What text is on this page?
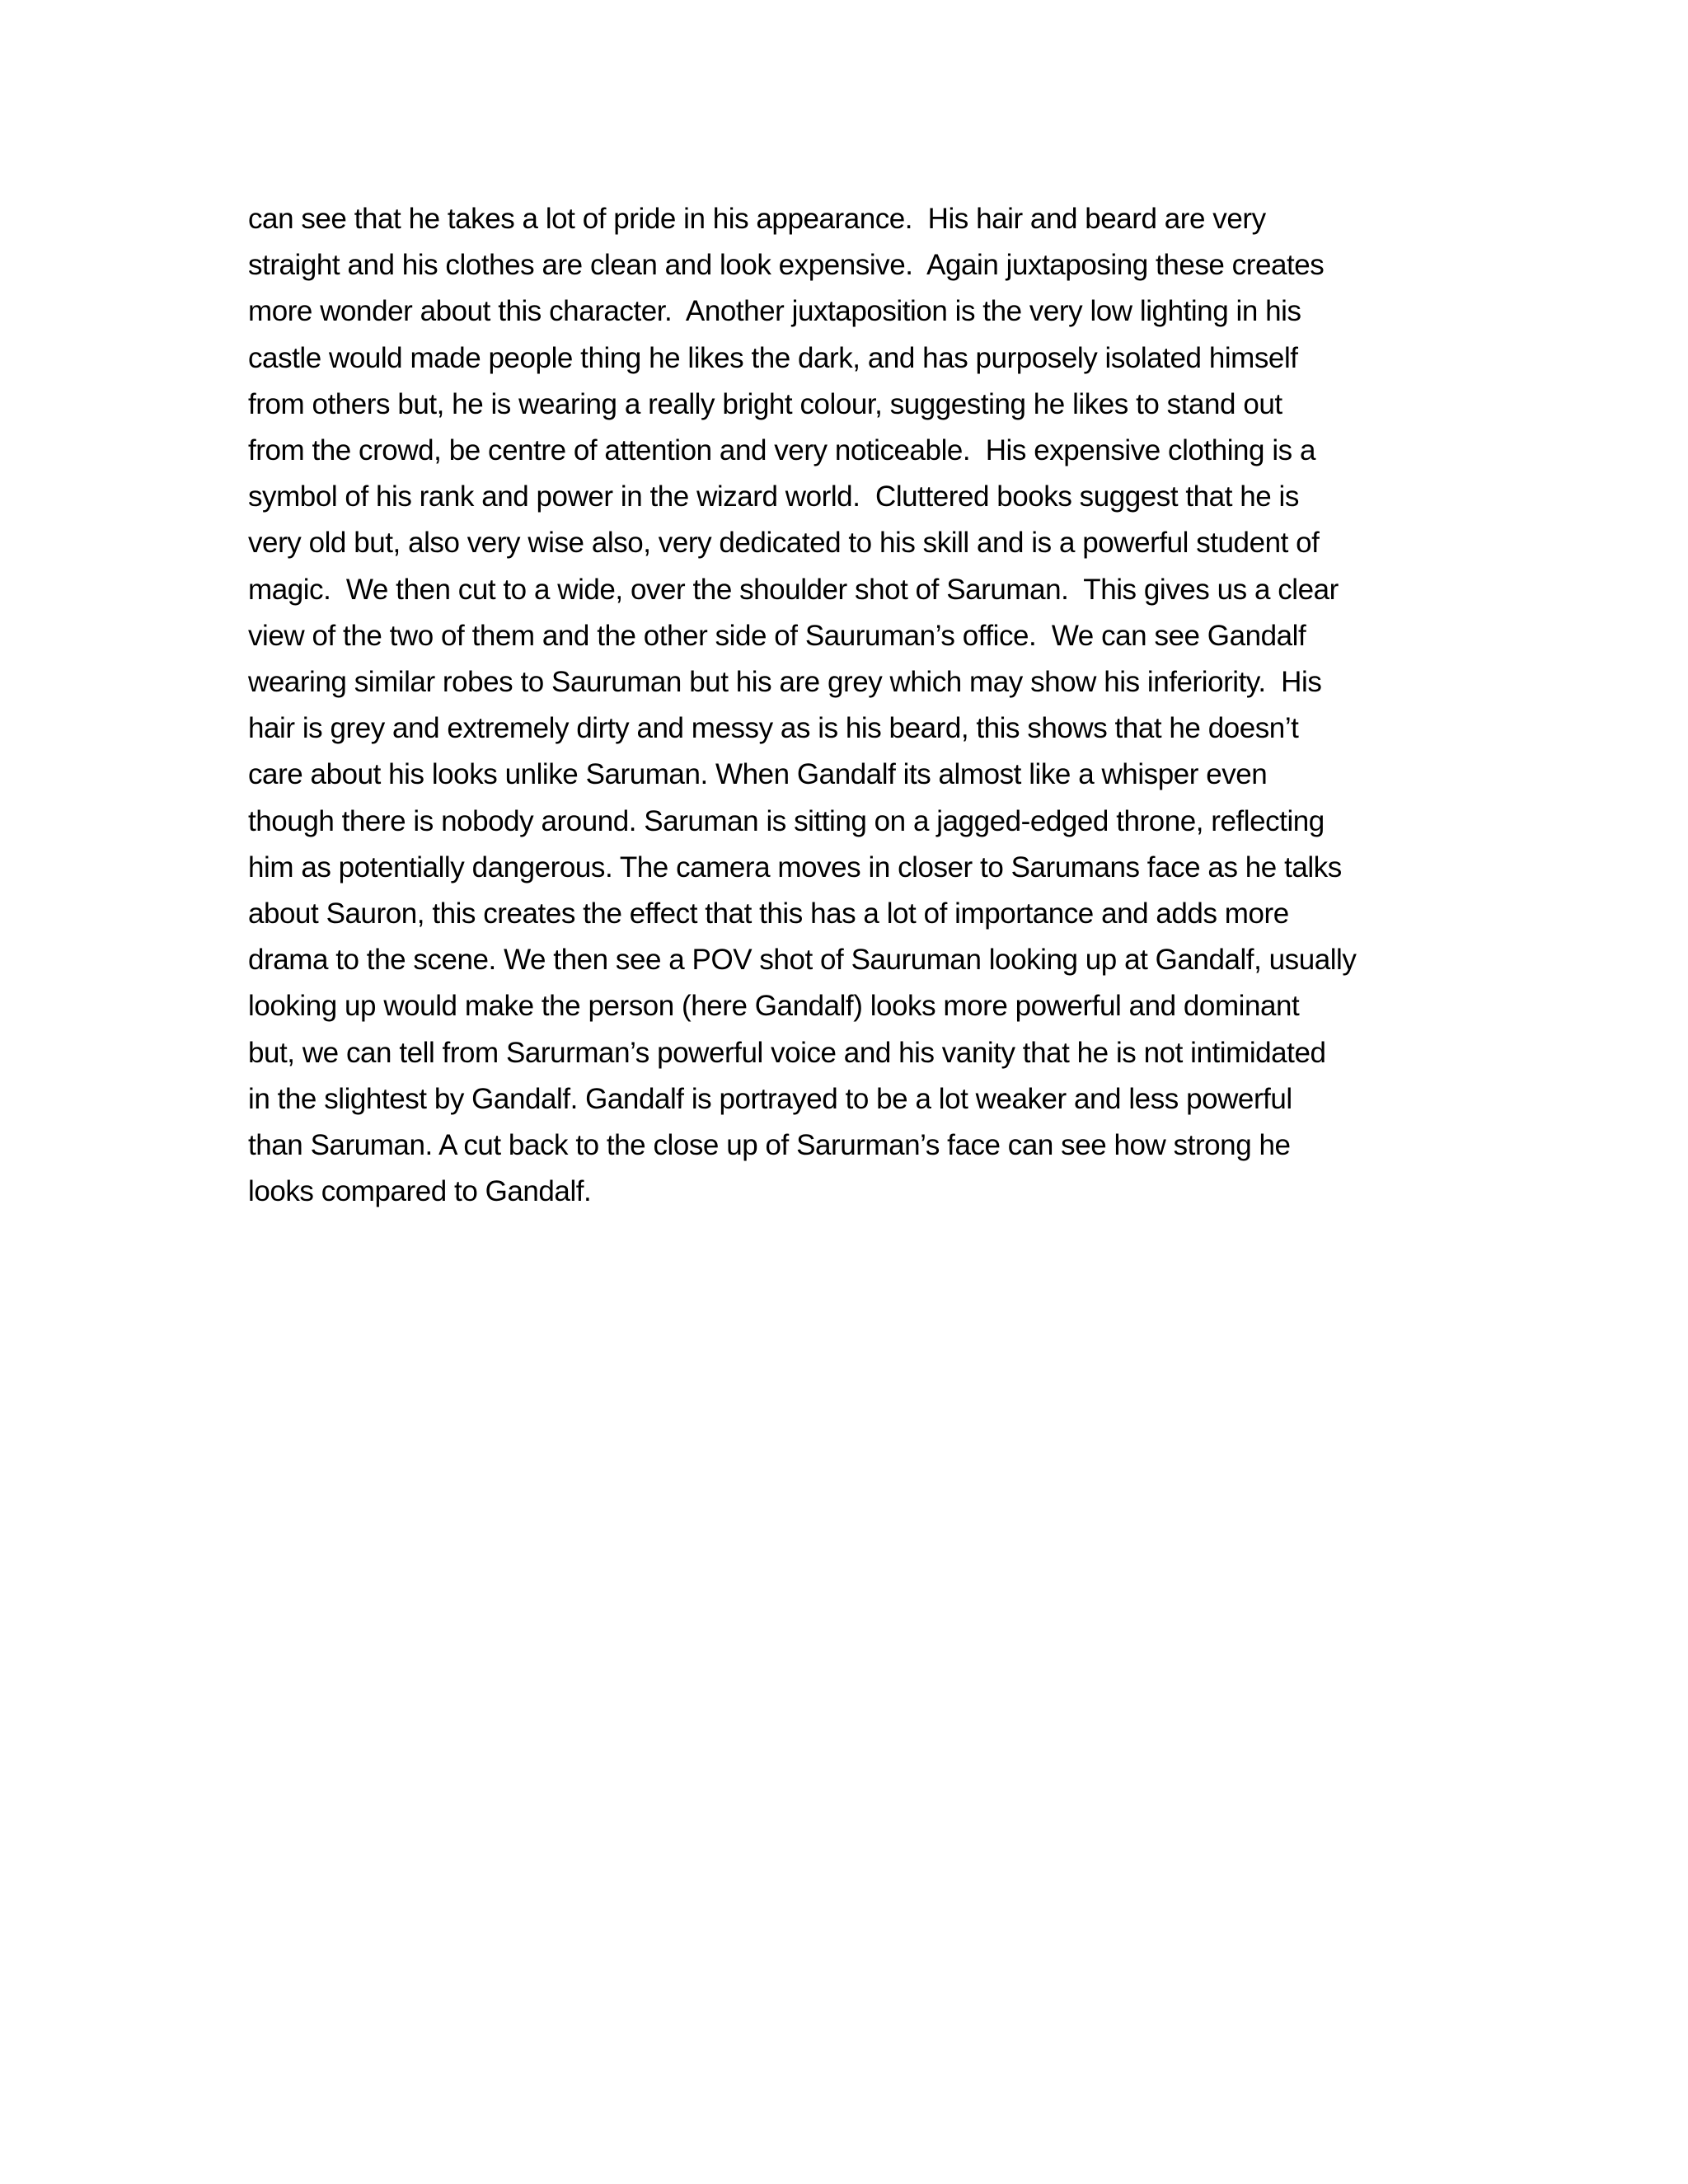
can see that he takes a lot of pride in his appearance.  His hair and beard are very
straight and his clothes are clean and look expensive.  Again juxtaposing these creates
more wonder about this character.  Another juxtaposition is the very low lighting in his
castle would made people thing he likes the dark, and has purposely isolated himself
from others but, he is wearing a really bright colour, suggesting he likes to stand out
from the crowd, be centre of attention and very noticeable.  His expensive clothing is a
symbol of his rank and power in the wizard world.  Cluttered books suggest that he is
very old but, also very wise also, very dedicated to his skill and is a powerful student of
magic.  We then cut to a wide, over the shoulder shot of Saruman.  This gives us a clear
view of the two of them and the other side of Sauruman’s office.  We can see Gandalf
wearing similar robes to Sauruman but his are grey which may show his inferiority.  His
hair is grey and extremely dirty and messy as is his beard, this shows that he doesn’t
care about his looks unlike Saruman. When Gandalf its almost like a whisper even
though there is nobody around. Saruman is sitting on a jagged-edged throne, reflecting
him as potentially dangerous. The camera moves in closer to Sarumans face as he talks
about Sauron, this creates the effect that this has a lot of importance and adds more
drama to the scene. We then see a POV shot of Sauruman looking up at Gandalf, usually
looking up would make the person (here Gandalf) looks more powerful and dominant
but, we can tell from Sarurman’s powerful voice and his vanity that he is not intimidated
in the slightest by Gandalf. Gandalf is portrayed to be a lot weaker and less powerful
than Saruman. A cut back to the close up of Sarurman’s face can see how strong he
looks compared to Gandalf.
